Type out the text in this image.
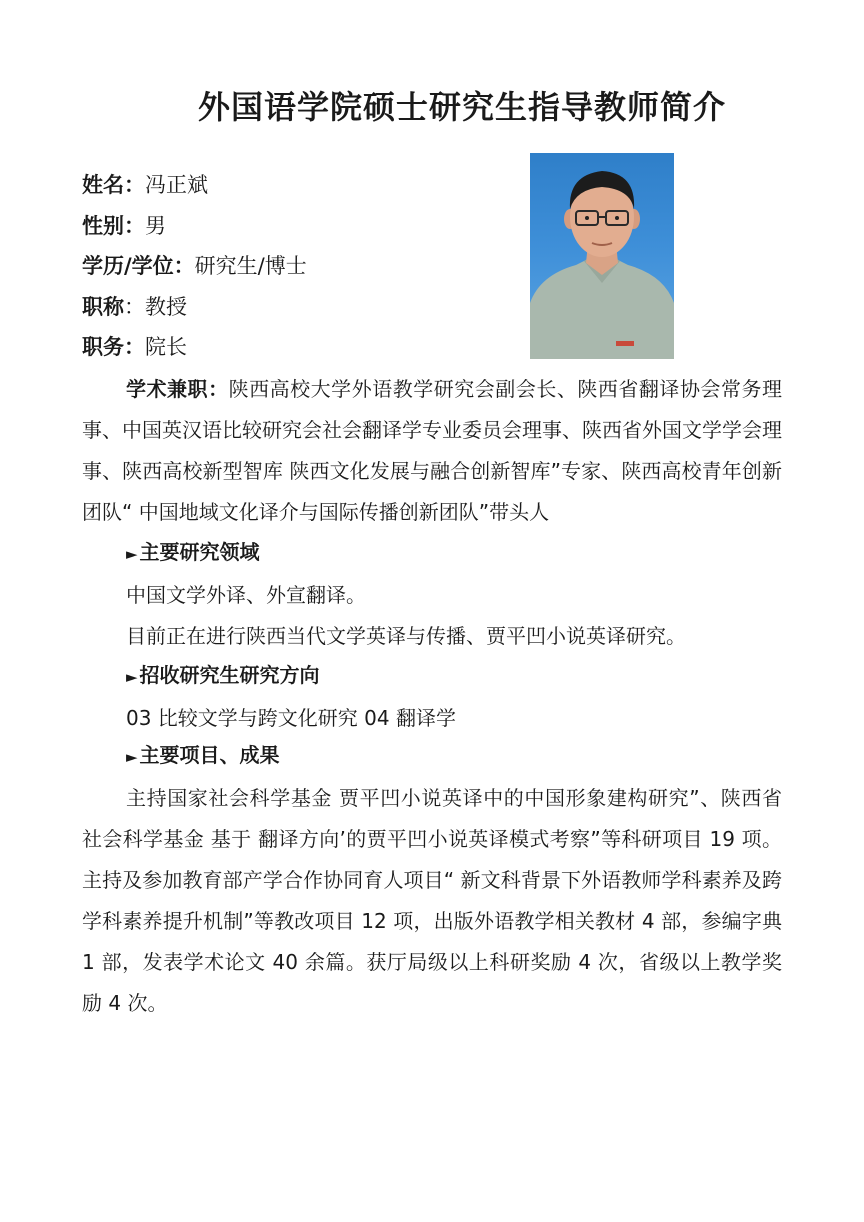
外国语学院硕士研究生指导教师简介
姓名：冯正斌
性别：男
学历/学位：研究生/博士
职称：教授
职务：院长
学术兼职：陕西高校大学外语教学研究会副会长、陕西省翻译协会常务理事、中国英汉语比较研究会社会翻译学专业委员会理事、陕西省外国文学学会理事、陕西高校新型智库 陕西文化发展与融合创新智库”专家、陕西高校青年创新团队“ 中国地域文化译介与国际传播创新团队”带头人
► 主要研究领域
中国文学外译、外宣翻译。
目前正在进行陕西当代文学英译与传播、贾平凹小说英译研究。
► 招收研究生研究方向
03 比较文学与跨文化研究 04 翻译学
► 主要项目、成果
主持国家社会科学基金 贾平凹小说英译中的中国形象建构研究”、陕西省社会科学基金 基于 翻译方向’的贾平凹小说英译模式考察”等科研项目 19 项。主持及参加教育部产学合作协同育人项目“ 新文科背景下外语教师学科素养及跨学科素养提升机制”等教改项目 12 项，出版外语教学相关教材 4 部，参编字典 1 部，发表学术论文 40 余篇。获厅局级以上科研奖励 4 次，省级以上教学奖励 4 次。
